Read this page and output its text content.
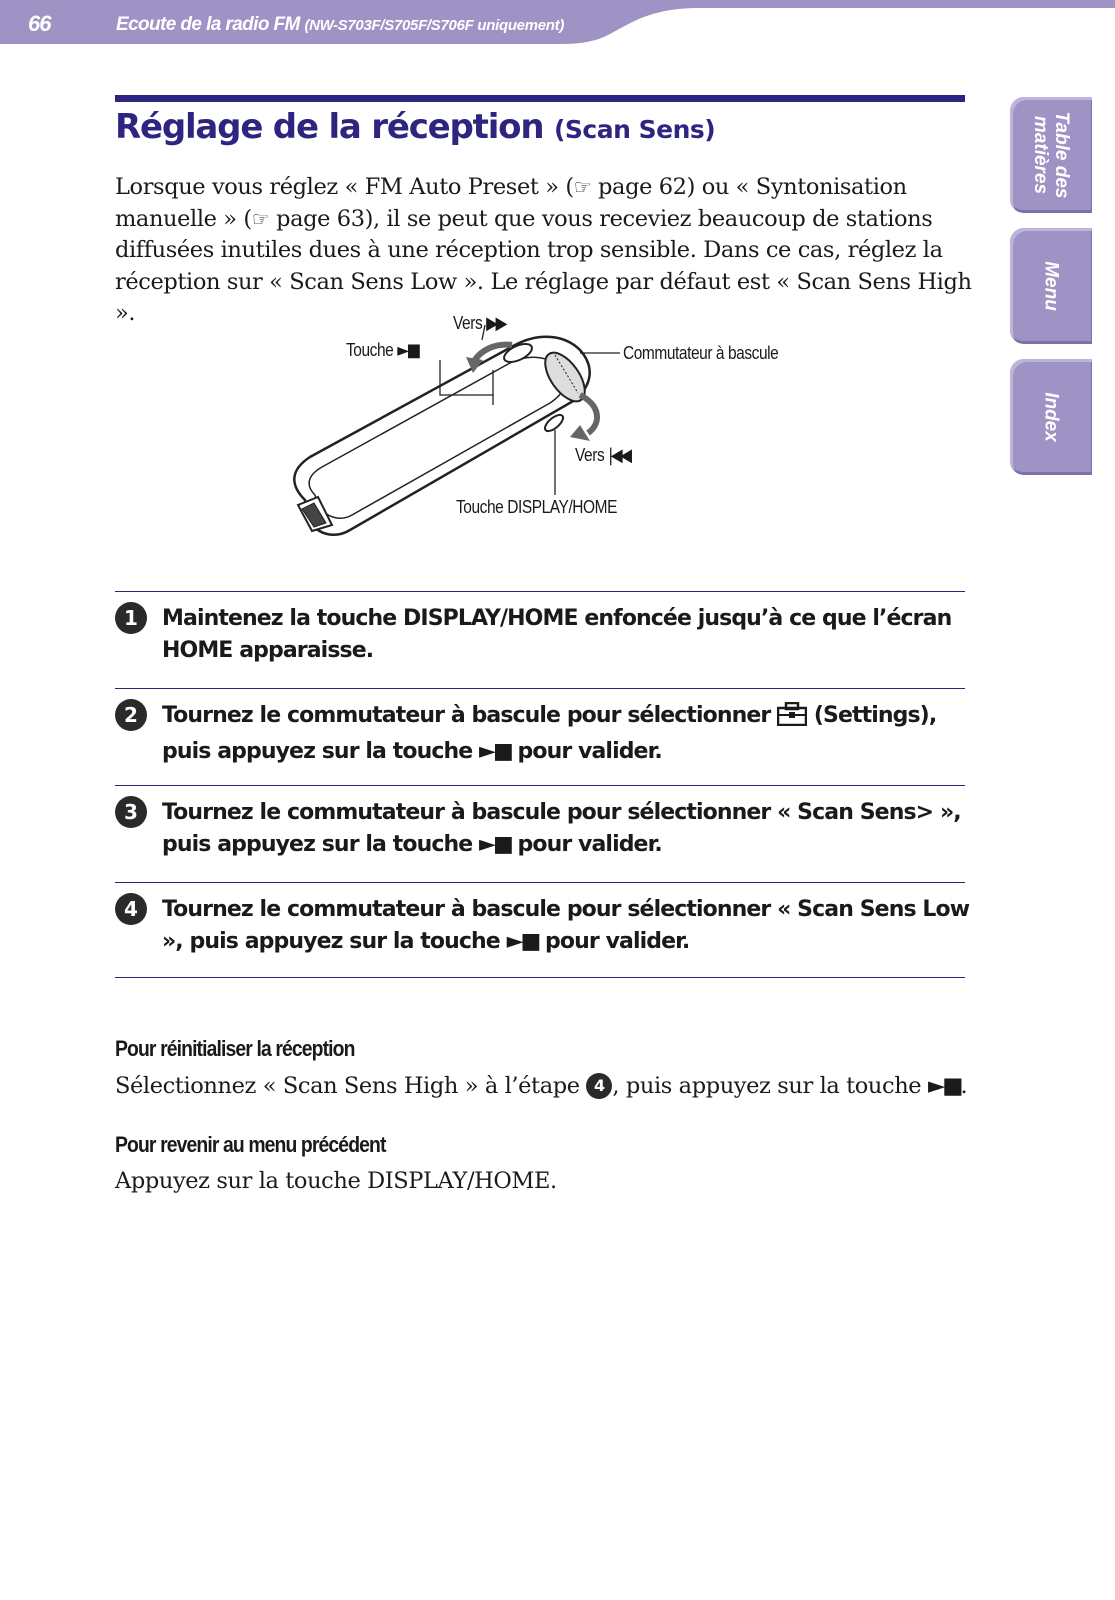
66	Ecoute de la radio FM (NW-S703F/S705F/S706F uniquement)
Table des matières
Menu
Index
Réglage de la réception (Scan Sens)
Lorsque vous réglez « FM Auto Preset » (☞ page 62) ou « Syntonisation manuelle » (☞ page 63), il se peut que vous receviez beaucoup de stations diffusées inutiles dues à une réception trop sensible. Dans ce cas, réglez la réception sur « Scan Sens Low ». Le réglage par défaut est « Scan Sens High ».	Vers ▶▶
Touche ►■	Commutateur à bascule
Vers |◀◀
Touche DISPLAY/HOME
1	Maintenez la touche DISPLAY/HOME enfoncée jusqu’à ce que l’écran HOME apparaisse.
2	Tournez le commutateur à bascule pour sélectionner  (Settings), puis appuyez sur la touche ►■ pour valider.
3	Tournez le commutateur à bascule pour sélectionner « Scan Sens> », puis appuyez sur la touche ►■ pour valider.
4	Tournez le commutateur à bascule pour sélectionner « Scan Sens Low », puis appuyez sur la touche ►■ pour valider.
Pour réinitialiser la réception
Sélectionnez « Scan Sens High » à l’étape 4 , puis appuyez sur la touche ►■.
Pour revenir au menu précédent
Appuyez sur la touche DISPLAY/HOME.
